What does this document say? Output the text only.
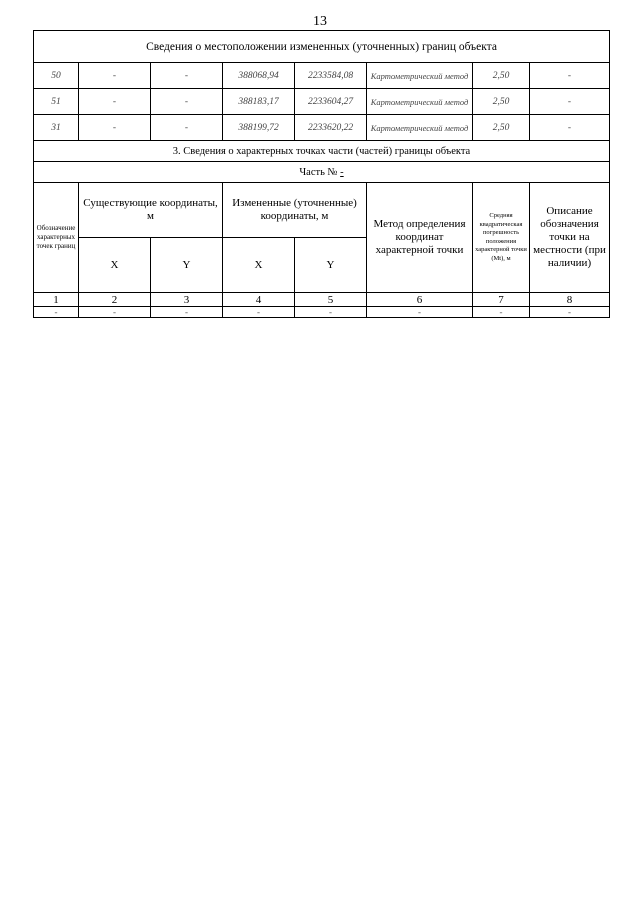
13
Сведения о местоположении измененных (уточненных) границ объекта							
50	-	-	388068,94	2233584,08	Картометрический метод	2,50	-
51	-	-	388183,17	2233604,27	Картометрический метод	2,50	-
31	-	-	388199,72	2233620,22	Картометрический метод	2,50	-
3. Сведения о характерных точках части (частей) границы объекта							
Часть № -							
Обозначение характерных точек границ	Существующие координаты, м		Измененные (уточненные) координаты, м		Метод определения координат характерной точки	Средняя квадратическая погрешность положения характерной точки (Mt), м	Описание обозначения точки на местности (при наличии)
	X	Y	X	Y			
1	2	3	4	5	6	7	8
-	-	-	-	-	-	-	-
